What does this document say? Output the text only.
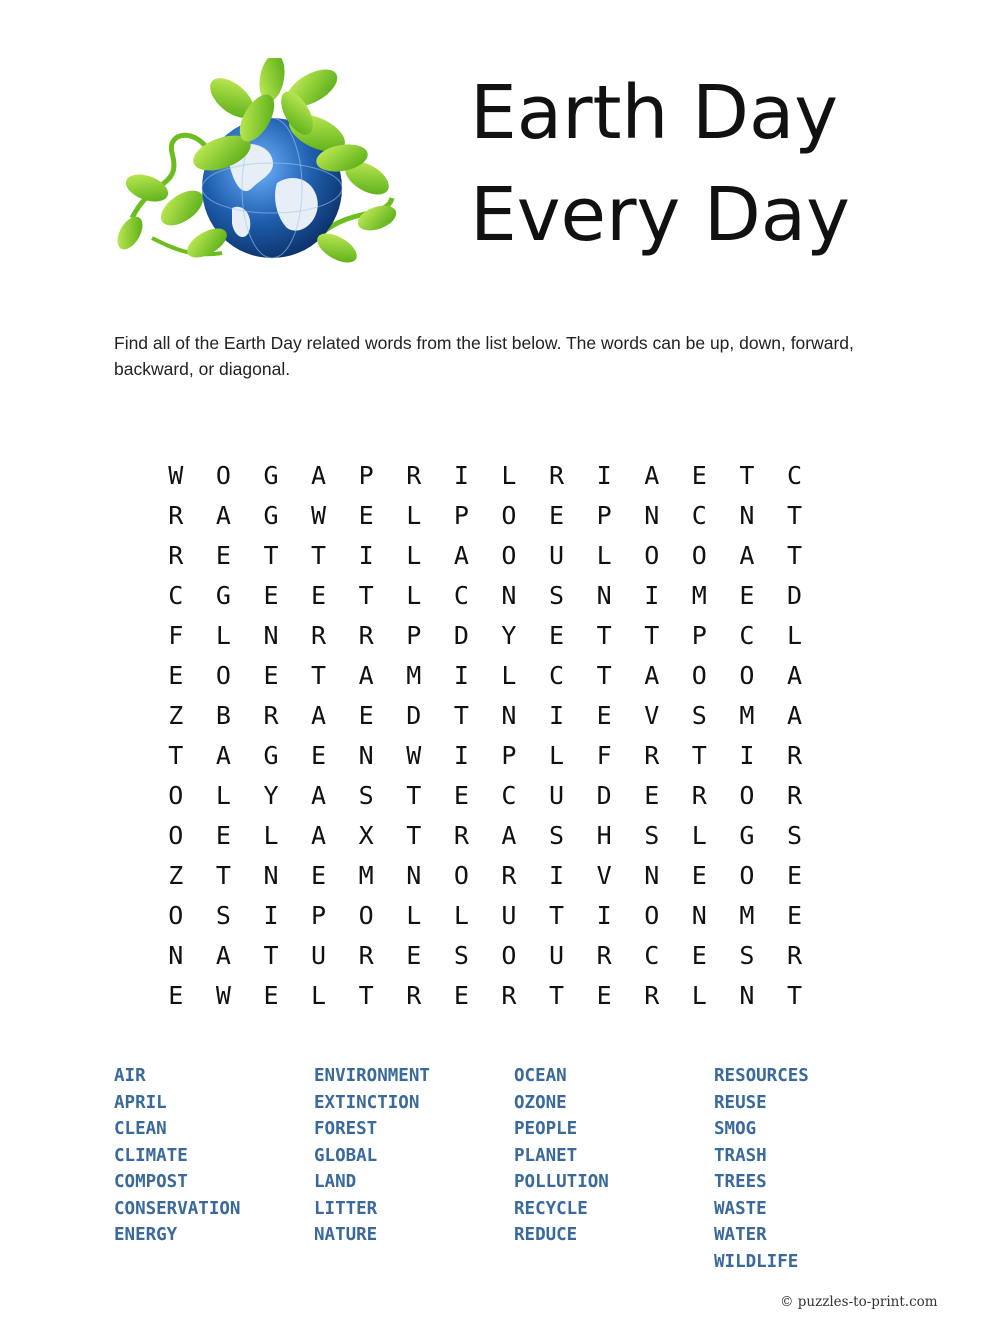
Earth Day
Every Day
Find all of the Earth Day related words from the list below. The words can be up, down, forward, backward, or diagonal.
W	O	G	A	P	R	I	L	R	I	A	E	T	C
R	A	G	W	E	L	P	O	E	P	N	C	N	T
R	E	T	T	I	L	A	O	U	L	O	O	A	T
C	G	E	E	T	L	C	N	S	N	I	M	E	D
F	L	N	R	R	P	D	Y	E	T	T	P	C	L
E	O	E	T	A	M	I	L	C	T	A	O	O	A
Z	B	R	A	E	D	T	N	I	E	V	S	M	A
T	A	G	E	N	W	I	P	L	F	R	T	I	R
O	L	Y	A	S	T	E	C	U	D	E	R	O	R
O	E	L	A	X	T	R	A	S	H	S	L	G	S
Z	T	N	E	M	N	O	R	I	V	N	E	O	E
O	S	I	P	O	L	L	U	T	I	O	N	M	E
N	A	T	U	R	E	S	O	U	R	C	E	S	R
E	W	E	L	T	R	E	R	T	E	R	L	N	T
AIR
APRIL
CLEAN
CLIMATE
COMPOST
CONSERVATION
ENERGY
ENVIRONMENT
EXTINCTION
FOREST
GLOBAL
LAND
LITTER
NATURE
OCEAN
OZONE
PEOPLE
PLANET
POLLUTION
RECYCLE
REDUCE
RESOURCES
REUSE
SMOG
TRASH
TREES
WASTE
WATER
WILDLIFE
© puzzles-to-print.com
